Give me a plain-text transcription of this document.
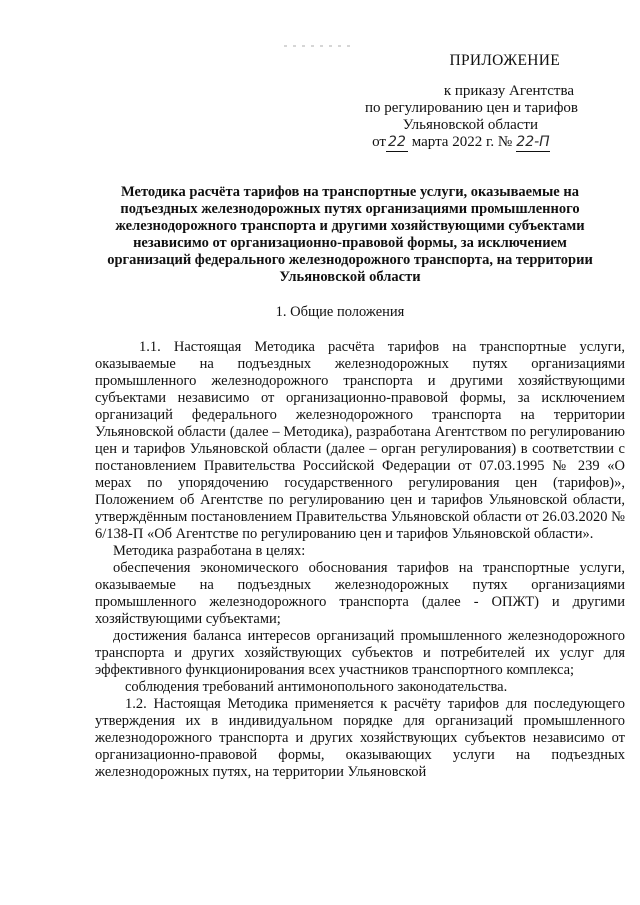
ПРИЛОЖЕНИЕ
к приказу Агентства
по регулированию цен и тарифов
Ульяновской области
от 22 марта 2022 г. № 22-П
Методика расчёта тарифов на транспортные услуги, оказываемые на подъездных железнодорожных путях организациями промышленного железнодорожного транспорта и другими хозяйствующими субъектами независимо от организационно-правовой формы, за исключением организаций федерального железнодорожного транспорта, на территории Ульяновской области
1. Общие положения

1.1. Настоящая Методика расчёта тарифов на транспортные услуги, оказываемые на подъездных железнодорожных путях организациями промышленного железнодорожного транспорта и другими хозяйствующими субъектами независимо от организационно-правовой формы, за исключением организаций федерального железнодорожного транспорта на территории Ульяновской области (далее – Методика), разработана Агентством по регулированию цен и тарифов Ульяновской области (далее – орган регулирования) в соответствии с постановлением Правительства Российской Федерации от 07.03.1995 № 239 «О мерах по упорядочению государственного регулирования цен (тарифов)», Положением об Агентстве по регулированию цен и тарифов Ульяновской области, утверждённым постановлением Правительства Ульяновской области от 26.03.2020 № 6/138-П «Об Агентстве по регулированию цен и тарифов Ульяновской области».

Методика разработана в целях:

обеспечения экономического обоснования тарифов на транспортные услуги, оказываемые на подъездных железнодорожных путях организациями промышленного железнодорожного транспорта (далее - ОПЖТ) и другими хозяйствующими субъектами;

достижения баланса интересов организаций промышленного железнодорожного транспорта и других хозяйствующих субъектов и потребителей их услуг для эффективного функционирования всех участников транспортного комплекса;

соблюдения требований антимонопольного законодательства.

1.2. Настоящая Методика применяется к расчёту тарифов для последующего утверждения их в индивидуальном порядке для организаций промышленного железнодорожного транспорта и других хозяйствующих субъектов независимо от организационно-правовой формы, оказывающих услуги на подъездных железнодорожных путях, на территории Ульяновской
